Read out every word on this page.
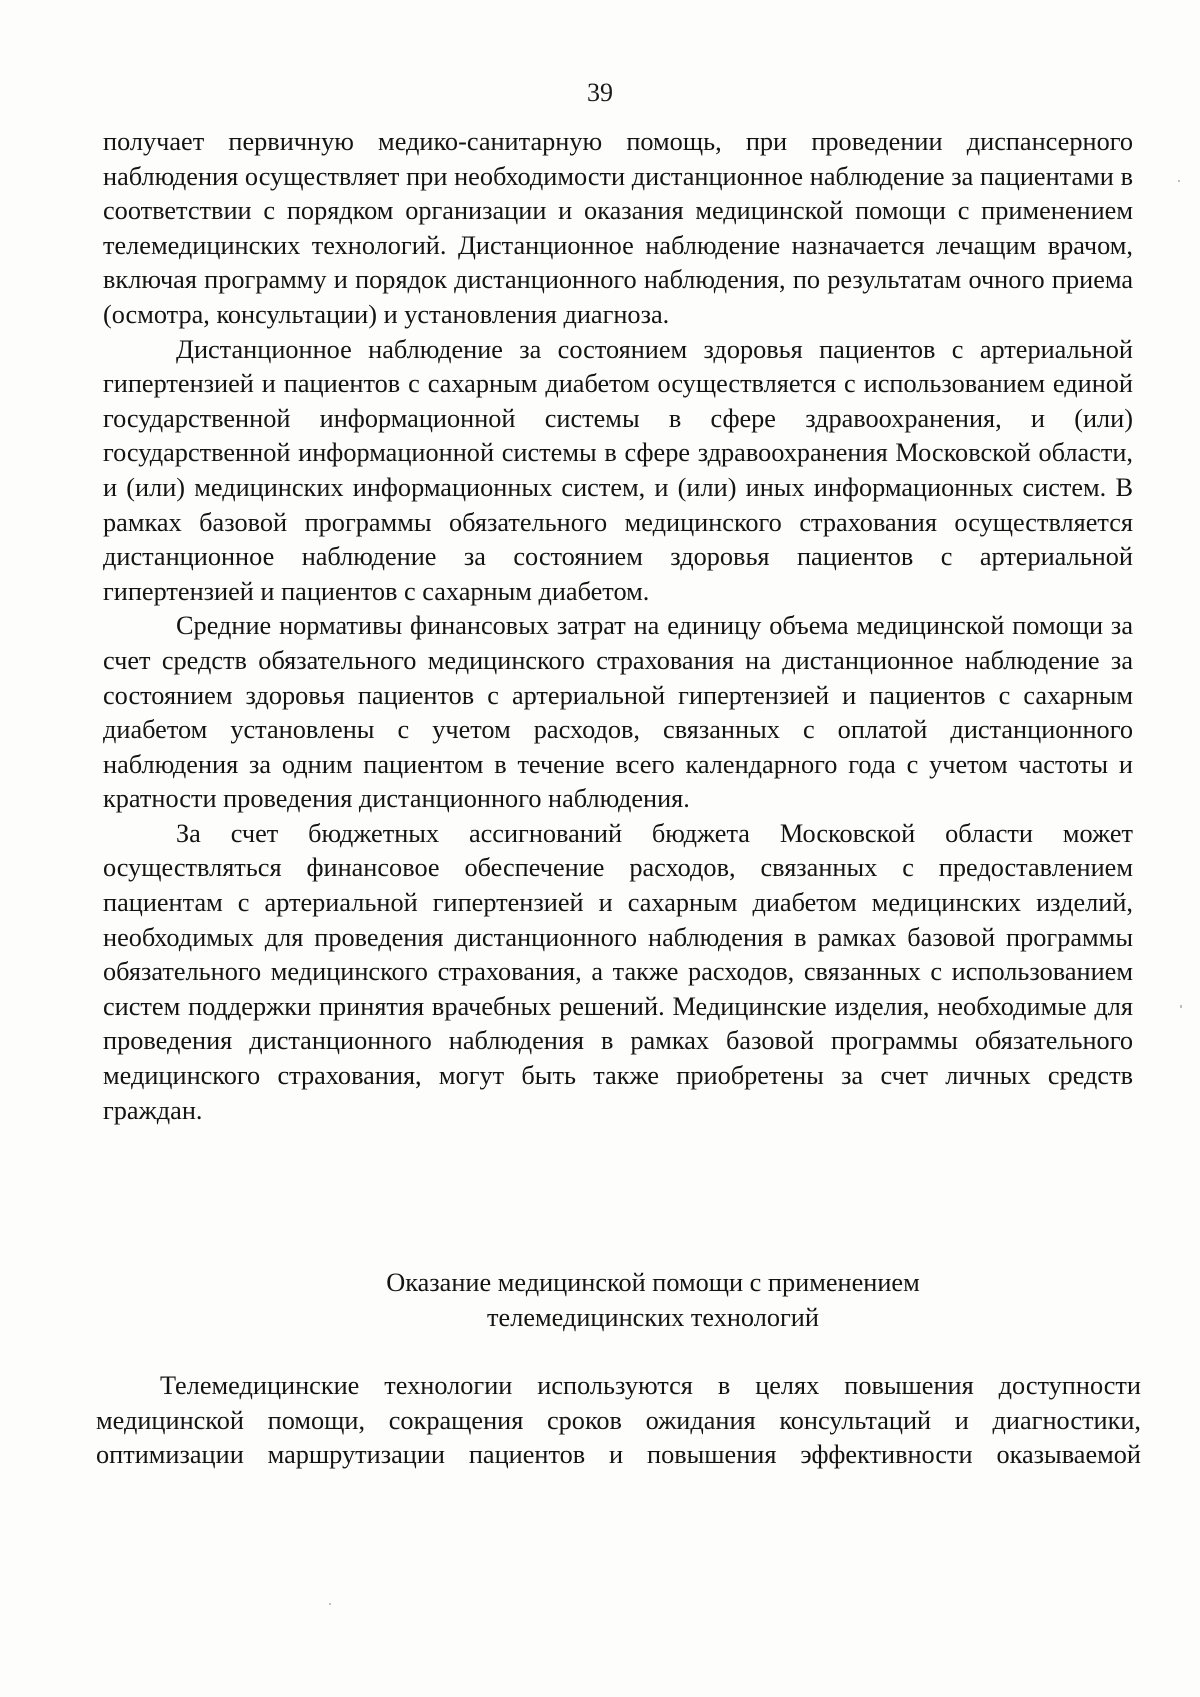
39

получает первичную медико-санитарную помощь, при проведении диспансерного наблюдения осуществляет при необходимости дистанционное наблюдение за пациентами в соответствии с порядком организации и оказания медицинской помощи с применением телемедицинских технологий. Дистанционное наблюдение назначается лечащим врачом, включая программу и порядок дистанционного наблюдения, по результатам очного приема (осмотра, консультации) и установления диагноза.

Дистанционное наблюдение за состоянием здоровья пациентов с артериальной гипертензией и пациентов с сахарным диабетом осуществляется с использованием единой государственной информационной системы в сфере здравоохранения, и (или) государственной информационной системы в сфере здравоохранения Московской области, и (или) медицинских информационных систем, и (или) иных информационных систем. В рамках базовой программы обязательного медицинского страхования осуществляется дистанционное наблюдение за состоянием здоровья пациентов с артериальной гипертензией и пациентов с сахарным диабетом.

Средние нормативы финансовых затрат на единицу объема медицинской помощи за счет средств обязательного медицинского страхования на дистанционное наблюдение за состоянием здоровья пациентов с артериальной гипертензией и пациентов с сахарным диабетом установлены с учетом расходов, связанных с оплатой дистанционного наблюдения за одним пациентом в течение всего календарного года с учетом частоты и кратности проведения дистанционного наблюдения.

За счет бюджетных ассигнований бюджета Московской области может осуществляться финансовое обеспечение расходов, связанных с предоставлением пациентам с артериальной гипертензией и сахарным диабетом медицинских изделий, необходимых для проведения дистанционного наблюдения в рамках базовой программы обязательного медицинского страхования, а также расходов, связанных с использованием систем поддержки принятия врачебных решений. Медицинские изделия, необходимые для проведения дистанционного наблюдения в рамках базовой программы обязательного медицинского страхования, могут быть также приобретены за счет личных средств граждан.

Оказание медицинской помощи с применением
телемедицинских технологий

Телемедицинские технологии используются в целях повышения доступности медицинской помощи, сокращения сроков ожидания консультаций и диагностики, оптимизации маршрутизации пациентов и повышения эффективности оказываемой
